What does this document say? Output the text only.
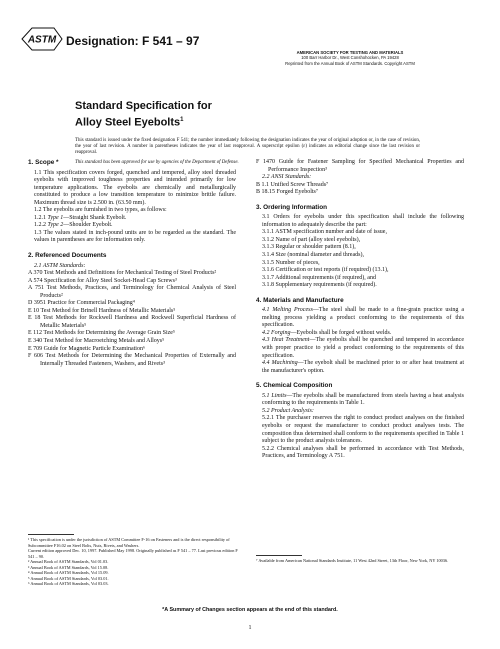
ASTM Designation: F 541 – 97
AMERICAN SOCIETY FOR TESTING AND MATERIALS
100 Barr Harbor Dr., West Conshohocken, PA 19428
Reprinted from the Annual Book of ASTM Standards. Copyright ASTM
Standard Specification for
Alloy Steel Eyebolts$^1$

This standard is issued under the fixed designation F 541; the number immediately following the designation indicates the year of original adoption or, in the case of revision, the year of last revision. A number in parentheses indicates the year of last reapproval. A superscript epsilon (ε) indicates an editorial change since the last revision or reapproval.

This standard has been approved for use by agencies of the Department of Defense.

1. Scope *

1.1 This specification covers forged, quenched and tempered, alloy steel threaded eyebolts with improved toughness properties and intended primarily for low temperature applications. The eyebolts are chemically and metallurgically constituted to produce a low transition temperature to minimize brittle failure. Maximum thread size is 2.500 in. (63.50 mm).

1.2 The eyebolts are furnished in two types, as follows:

1.2.1 Type 1—Straight Shank Eyebolt.

1.2.2 Type 2—Shoulder Eyebolt.

1.3 The values stated in inch-pound units are to be regarded as the standard. The values in parentheses are for information only.

2. Referenced Documents

2.1 ASTM Standards:

A 370 Test Methods and Definitions for Mechanical Testing of Steel Products²

A 574 Specification for Alloy Steel Socket-Head Cap Screws³

A 751 Test Methods, Practices, and Terminology for Chemical Analysis of Steel Products²

D 3951 Practice for Commercial Packaging⁴

E 10 Test Method for Brinell Hardness of Metallic Materials⁵

E 18 Test Methods for Rockwell Hardness and Rockwell Superficial Hardness of Metallic Materials⁵

E 112 Test Methods for Determining the Average Grain Size⁵

E 340 Test Method for Macroetching Metals and Alloys⁵

E 709 Guide for Magnetic Particle Examination⁶

F 606 Test Methods for Determining the Mechanical Properties of Externally and Internally Threaded Fasteners, Washers, and Rivets³

¹ This specification is under the jurisdiction of ASTM Committee F-16 on Fasteners and is the direct responsibility of Subcommittee F16.02 on Steel Bolts, Nuts, Rivets, and Washers.

Current edition approved Dec. 10, 1997. Published May 1998. Originally published as F 541 – 77. Last previous edition F 541 – 90.

² Annual Book of ASTM Standards, Vol 01.03.

³ Annual Book of ASTM Standards, Vol 15.08.

⁴ Annual Book of ASTM Standards, Vol 15.09.

⁵ Annual Book of ASTM Standards, Vol 03.01.

⁶ Annual Book of ASTM Standards, Vol 03.03.

F 1470 Guide for Fastener Sampling for Specified Mechanical Properties and Performance Inspection³

2.2 ANSI Standards:

B 1.1 Unified Screw Threads⁷

B 18.15 Forged Eyebolts⁷

3. Ordering Information

3.1 Orders for eyebolts under this specification shall include the following information to adequately describe the part:

3.1.1 ASTM specification number and date of issue,

3.1.2 Name of part (alloy steel eyebolts),

3.1.3 Regular or shoulder pattern (8.1),

3.1.4 Size (nominal diameter and threads),

3.1.5 Number of pieces,

3.1.6 Certification or test reports (if required) (13.1),

3.1.7 Additional requirements (if required), and

3.1.8 Supplementary requirements (if required).

4. Materials and Manufacture

4.1 Melting Process—The steel shall be made to a fine-grain practice using a melting process yielding a product conforming to the requirements of this specification.

4.2 Forging—Eyebolts shall be forged without welds.

4.3 Heat Treatment—The eyebolts shall be quenched and tempered in accordance with proper practice to yield a product conforming to the requirements of this specification.

4.4 Machining—The eyebolt shall be machined prior to or after heat treatment at the manufacturer's option.

5. Chemical Composition

5.1 Limits—The eyebolts shall be manufactured from steels having a heat analysis conforming to the requirements in Table 1.

5.2 Product Analysis:

5.2.1 The purchaser reserves the right to conduct product analyses on the finished eyebolts or request the manufacturer to conduct product analyses tests. The composition thus determined shall conform to the requirements specified in Table 1 subject to the product analysis tolerances.

5.2.2 Chemical analyses shall be performed in accordance with Test Methods, Practices, and Terminology A 751.

⁷ Available from American National Standards Institute, 11 West 42nd Street, 13th Floor, New York, NY 10036.

*A Summary of Changes section appears at the end of this standard.
1
